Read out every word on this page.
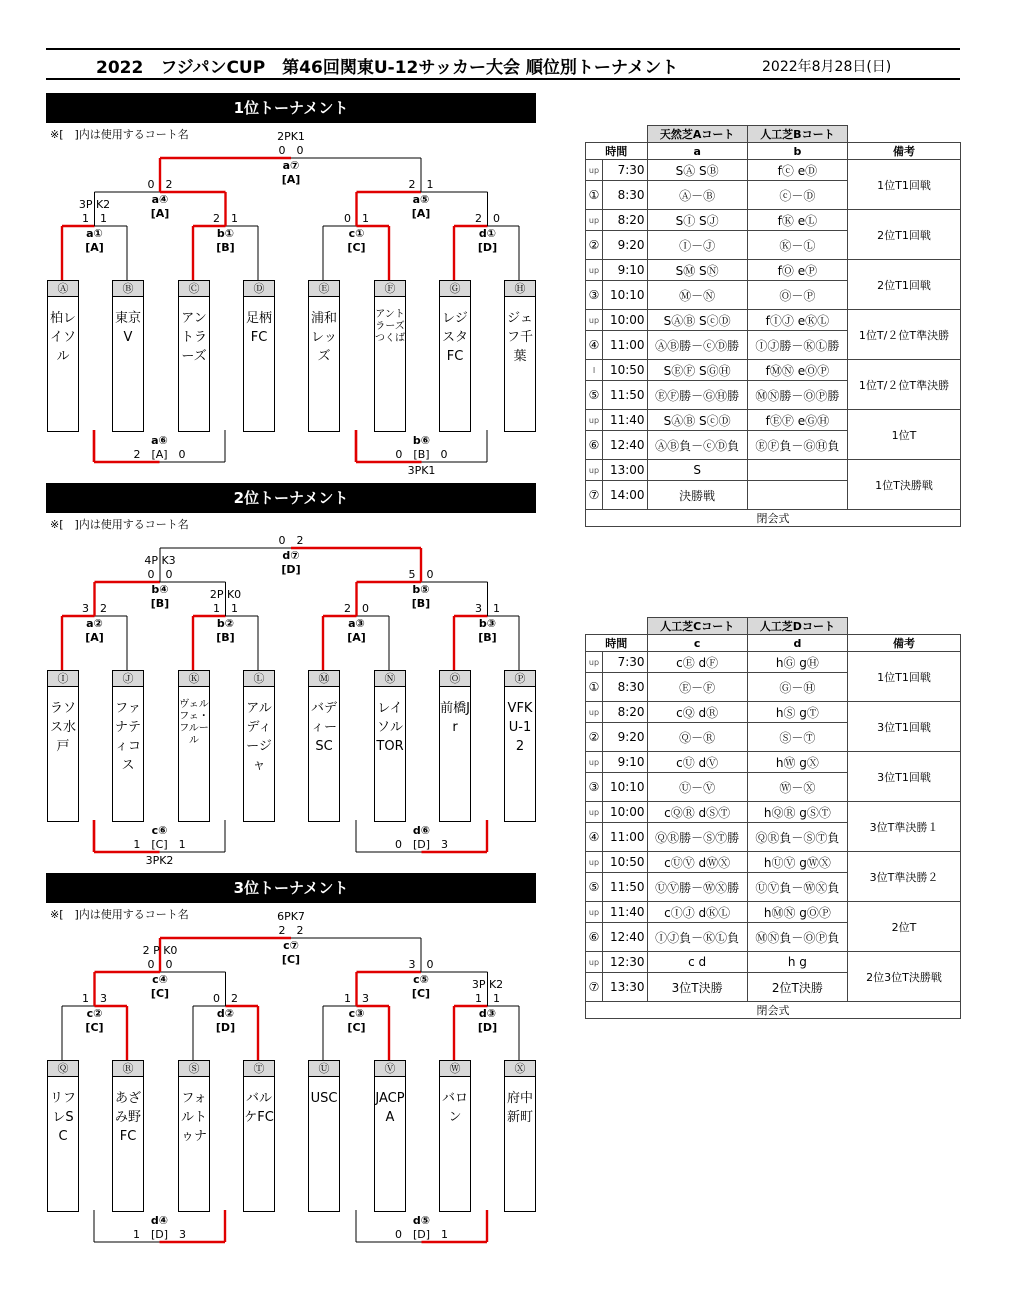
2022　フジパンCUP　第46回関東U-12サッカー大会 順位別トーナメント	2022年8月28日(日)
1位トーナメント
※[　]内は使用するコート名
Ⓐ
柏レイソル
Ⓑ
東京V
Ⓒ
アントラーズ
Ⓓ
足柄FC
Ⓔ
浦和レッズ
Ⓕ
アントラーズつくば
Ⓖ
レジスタFC
Ⓗ
ジェフ千葉
3P K2
1　1
a①
[A]
2　1
b①
[B]
0　1
c①
[C]
2　0
d①
[D]
0　2
a④
[A]
2　1
a⑤
[A]
2PK1
0　0
a⑦
[A]
a⑥
2　[A]　0
b⑥
0　[B]　0
3PK1
2位トーナメント
※[　]内は使用するコート名
Ⓘ
ラソス水戸
Ⓙ
ファナティコス
Ⓚ
ヴェルフェ・フルール
Ⓛ
アルディージャ
Ⓜ
バディーSC
Ⓝ
レイソルTOR
Ⓞ
前橋Jr
Ⓟ
VFKU-12
3　2
a②
[A]
2P K0
1　1
b②
[B]
2　0
a③
[A]
3　1
b③
[B]
4P K3
0　0
b④
[B]
5　0
b⑤
[B]
0　2
d⑦
[D]
c⑥
1　[C]　1
3PK2
d⑥
0　[D]　3
3位トーナメント
※[　]内は使用するコート名
Ⓠ
リフレSC
Ⓡ
あざみ野FC
Ⓢ
フォルトゥナ
Ⓣ
バルケFC
Ⓤ
USC
Ⓥ
JACPA
Ⓦ
バロン
Ⓧ
府中新町
1　3
c②
[C]
0　2
d②
[D]
1　3
c③
[C]
3P K2
1　1
d③
[D]
2 P K0
0　0
c④
[C]
3　0
c⑤
[C]
6PK7
2　2
c⑦
[C]
d④
1　[D]　3
d⑤
0　[D]　1
		天然芝Aコート	人工芝Bコート	
時間		a	b	備考
up	7:30	SⒶ SⒷ	fⓒ eⒹ	1位T1回戦
①	8:30	Ⓐ－Ⓑ	ⓒ－Ⓓ	
up	8:20	SⒾ SⒿ	fⓀ eⓁ	2位T1回戦
②	9:20	Ⓘ－Ⓙ	Ⓚ－Ⓛ	
up	9:10	SⓂ SⓃ	fⓄ eⓅ	2位T1回戦
③	10:10	Ⓜ－Ⓝ	Ⓞ－Ⓟ	
up	10:00	SⒶⒷ SⓒⒹ	fⒾⒿ eⓀⓁ	1位T/２位T準決勝
④	11:00	ⒶⒷ勝－ⓒⒹ勝	ⒾⒿ勝－ⓀⓁ勝	
I	10:50	SⒺⒻ SⒼⒽ	fⓂⓃ eⓄⓅ	1位T/２位T準決勝
⑤	11:50	ⒺⒻ勝－ⒼⒽ勝	ⓂⓃ勝－ⓄⓅ勝	
up	11:40	SⒶⒷ SⓒⒹ	fⒺⒻ eⒼⒽ	1位T
⑥	12:40	ⒶⒷ負－ⓒⒹ負	ⒺⒻ負－ⒼⒽ負	
up	13:00	S		1位T決勝戦
⑦	14:00	決勝戦		
閉会式				
		人工芝Cコート	人工芝Dコート	
時間		c	d	備考
up	7:30	cⒺ dⒻ	hⒼ gⒽ	1位T1回戦
①	8:30	Ⓔ－Ⓕ	Ⓖ－Ⓗ	
up	8:20	cⓆ dⓇ	hⓈ gⓉ	3位T1回戦
②	9:20	Ⓠ－Ⓡ	Ⓢ－Ⓣ	
up	9:10	cⓊ dⓋ	hⓌ gⓍ	3位T1回戦
③	10:10	Ⓤ－Ⓥ	Ⓦ－Ⓧ	
up	10:00	cⓆⓇ dⓈⓉ	hⓆⓇ gⓈⓉ	3位T準決勝１
④	11:00	ⓆⓇ勝－ⓈⓉ勝	ⓆⓇ負－ⓈⓉ負	
up	10:50	cⓊⓋ dⓌⓍ	hⓊⓋ gⓌⓍ	3位T準決勝２
⑤	11:50	ⓊⓋ勝－ⓌⓍ勝	ⓊⓋ負－ⓌⓍ負	
up	11:40	cⒾⒿ dⓀⓁ	hⓂⓃ gⓄⓅ	2位T
⑥	12:40	ⒾⒿ負－ⓀⓁ負	ⓂⓃ負－ⓄⓅ負	
up	12:30	c d	h g	2位3位T決勝戦
⑦	13:30	3位T決勝	2位T決勝	
閉会式				
